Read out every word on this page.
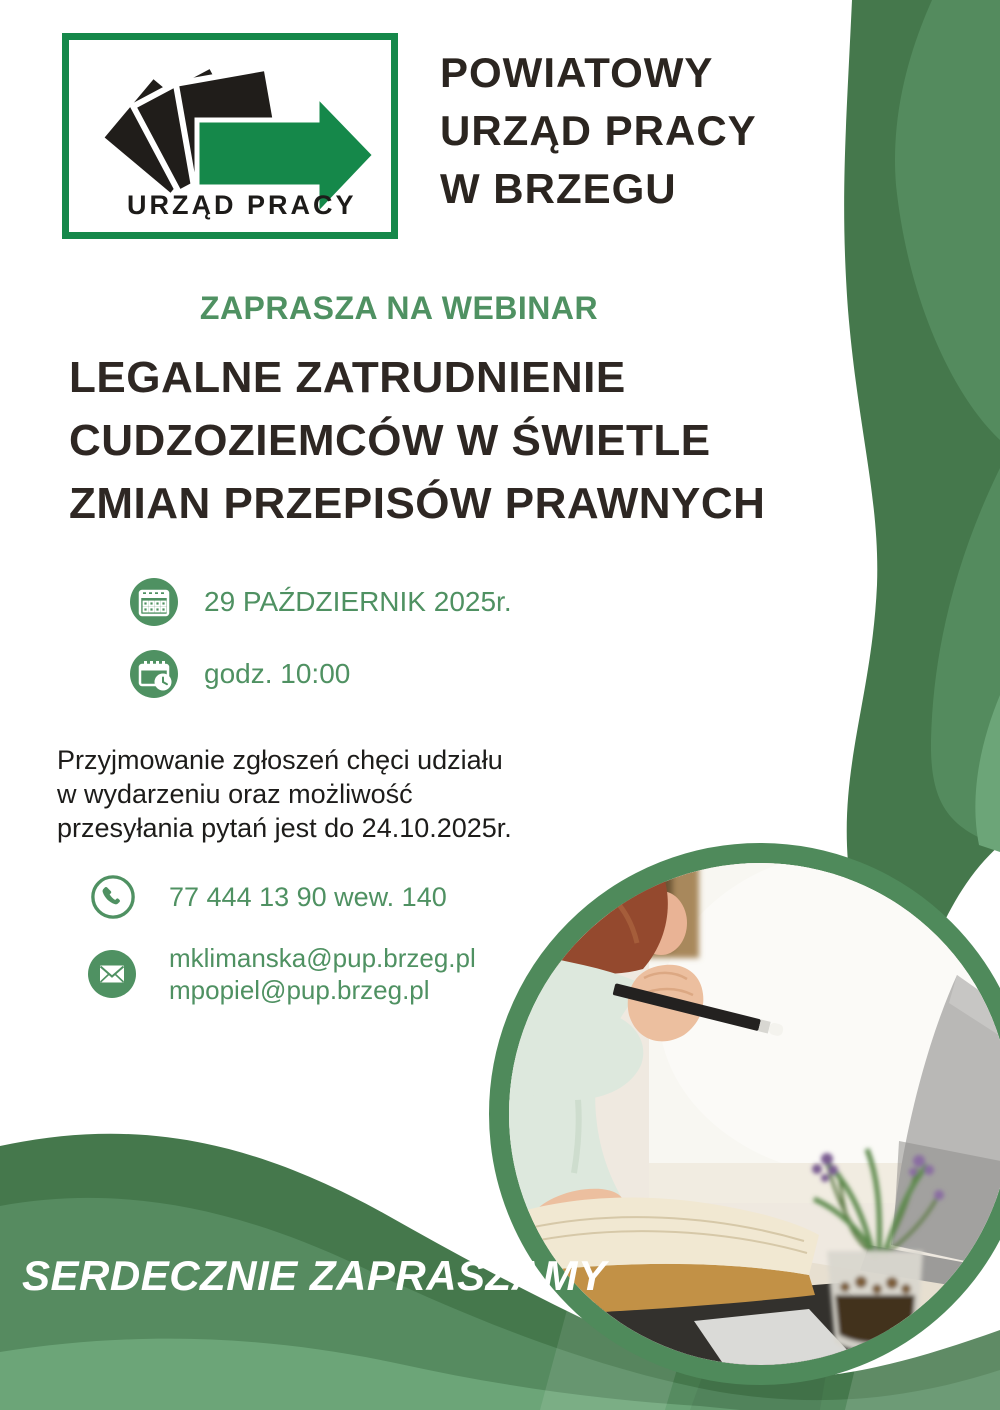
URZĄD PRACY
POWIATOWY
URZĄD PRACY
W BRZEGU
ZAPRASZA NA WEBINAR
LEGALNE ZATRUDNIENIE
CUDZOZIEMCÓW W ŚWIETLE
ZMIAN PRZEPISÓW PRAWNYCH
29 PAŹDZIERNIK 2025r.
godz. 10:00
Przyjmowanie zgłoszeń chęci udziału
w wydarzeniu oraz możliwość
przesyłania pytań jest do 24.10.2025r.
77 444 13 90 wew. 140
mklimanska@pup.brzeg.pl
mpopiel@pup.brzeg.pl
SERDECZNIE ZAPRASZAMY
